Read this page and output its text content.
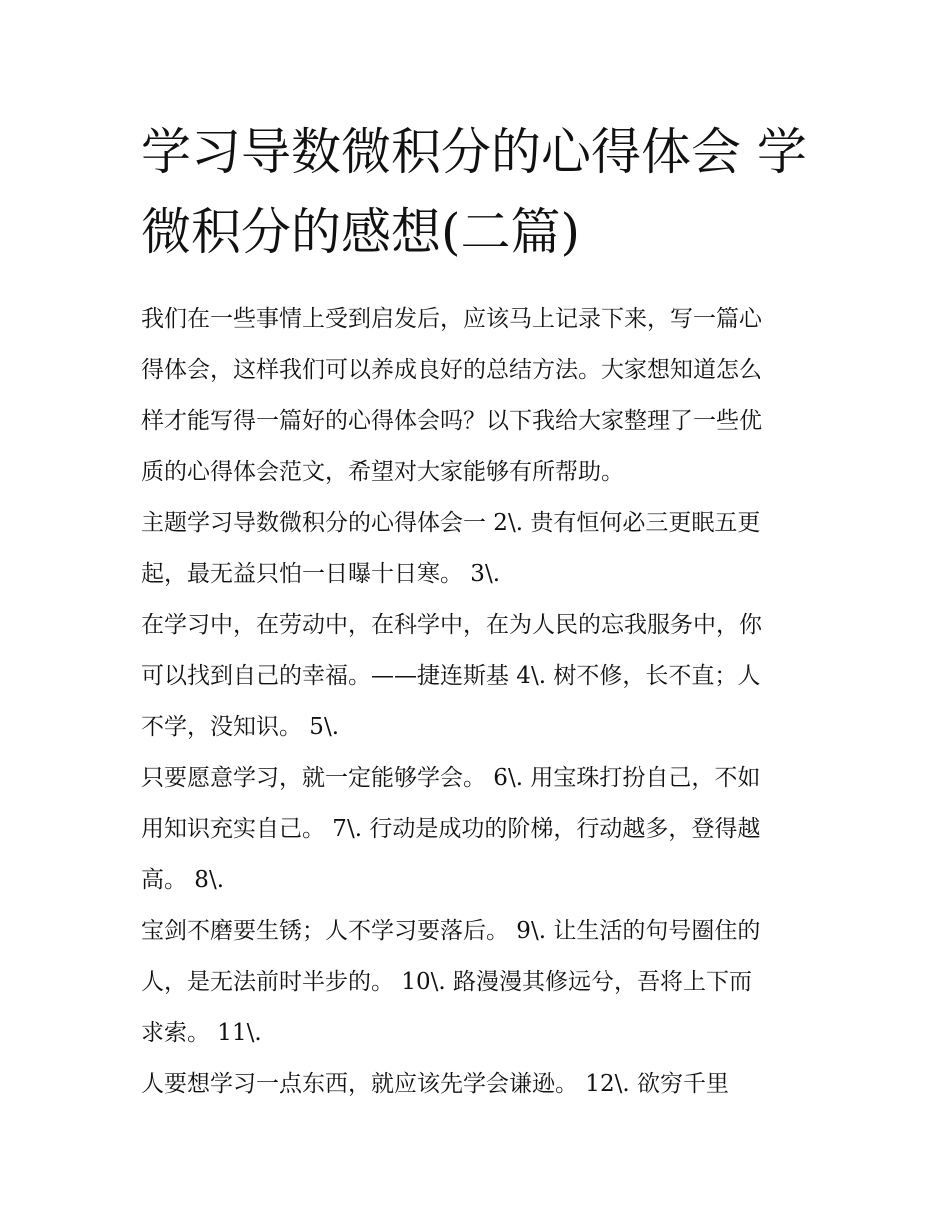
学习导数微积分的心得体会 学
微积分的感想(二篇)

我们在一些事情上受到启发后，应该马上记录下来，写一篇心
得体会，这样我们可以养成良好的总结方法。大家想知道怎么
样才能写得一篇好的心得体会吗？以下我给大家整理了一些优
质的心得体会范文，希望对大家能够有所帮助。

主题学习导数微积分的心得体会一 2\. 贵有恒何必三更眠五更
起，最无益只怕一日曝十日寒。 3\.

在学习中，在劳动中，在科学中，在为人民的忘我服务中，你
可以找到自己的幸福。——捷连斯基 4\. 树不修，长不直；人
不学，没知识。 5\.

只要愿意学习，就一定能够学会。 6\. 用宝珠打扮自己，不如
用知识充实自己。 7\. 行动是成功的阶梯，行动越多，登得越
高。 8\.

宝剑不磨要生锈；人不学习要落后。 9\. 让生活的句号圈住的
人，是无法前时半步的。 10\. 路漫漫其修远兮，吾将上下而
求索。 11\.

人要想学习一点东西，就应该先学会谦逊。 12\. 欲穷千里
